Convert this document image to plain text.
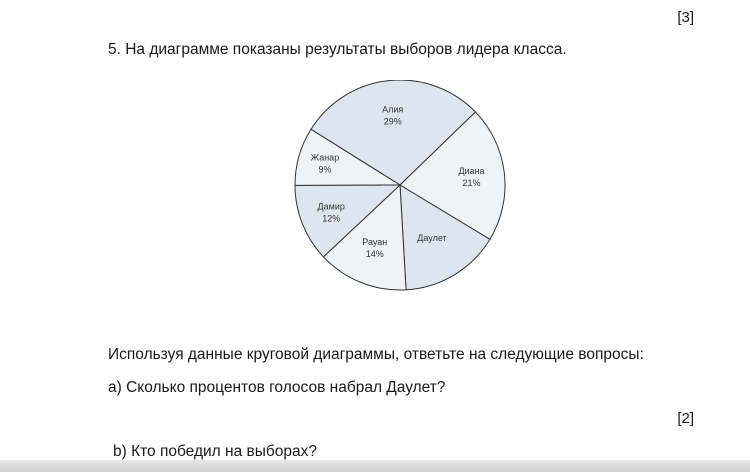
[3]
5. На диаграмме показаны результаты выборов лидера класса.
Алия
29%
Диана
21%
Даулет
Рауан
14%
Дамир
12%
Жанар
9%
Используя данные круговой диаграммы, ответьте на следующие вопросы:
a) Сколько процентов голосов набрал Даулет?
[2]
b) Кто победил на выборах?
